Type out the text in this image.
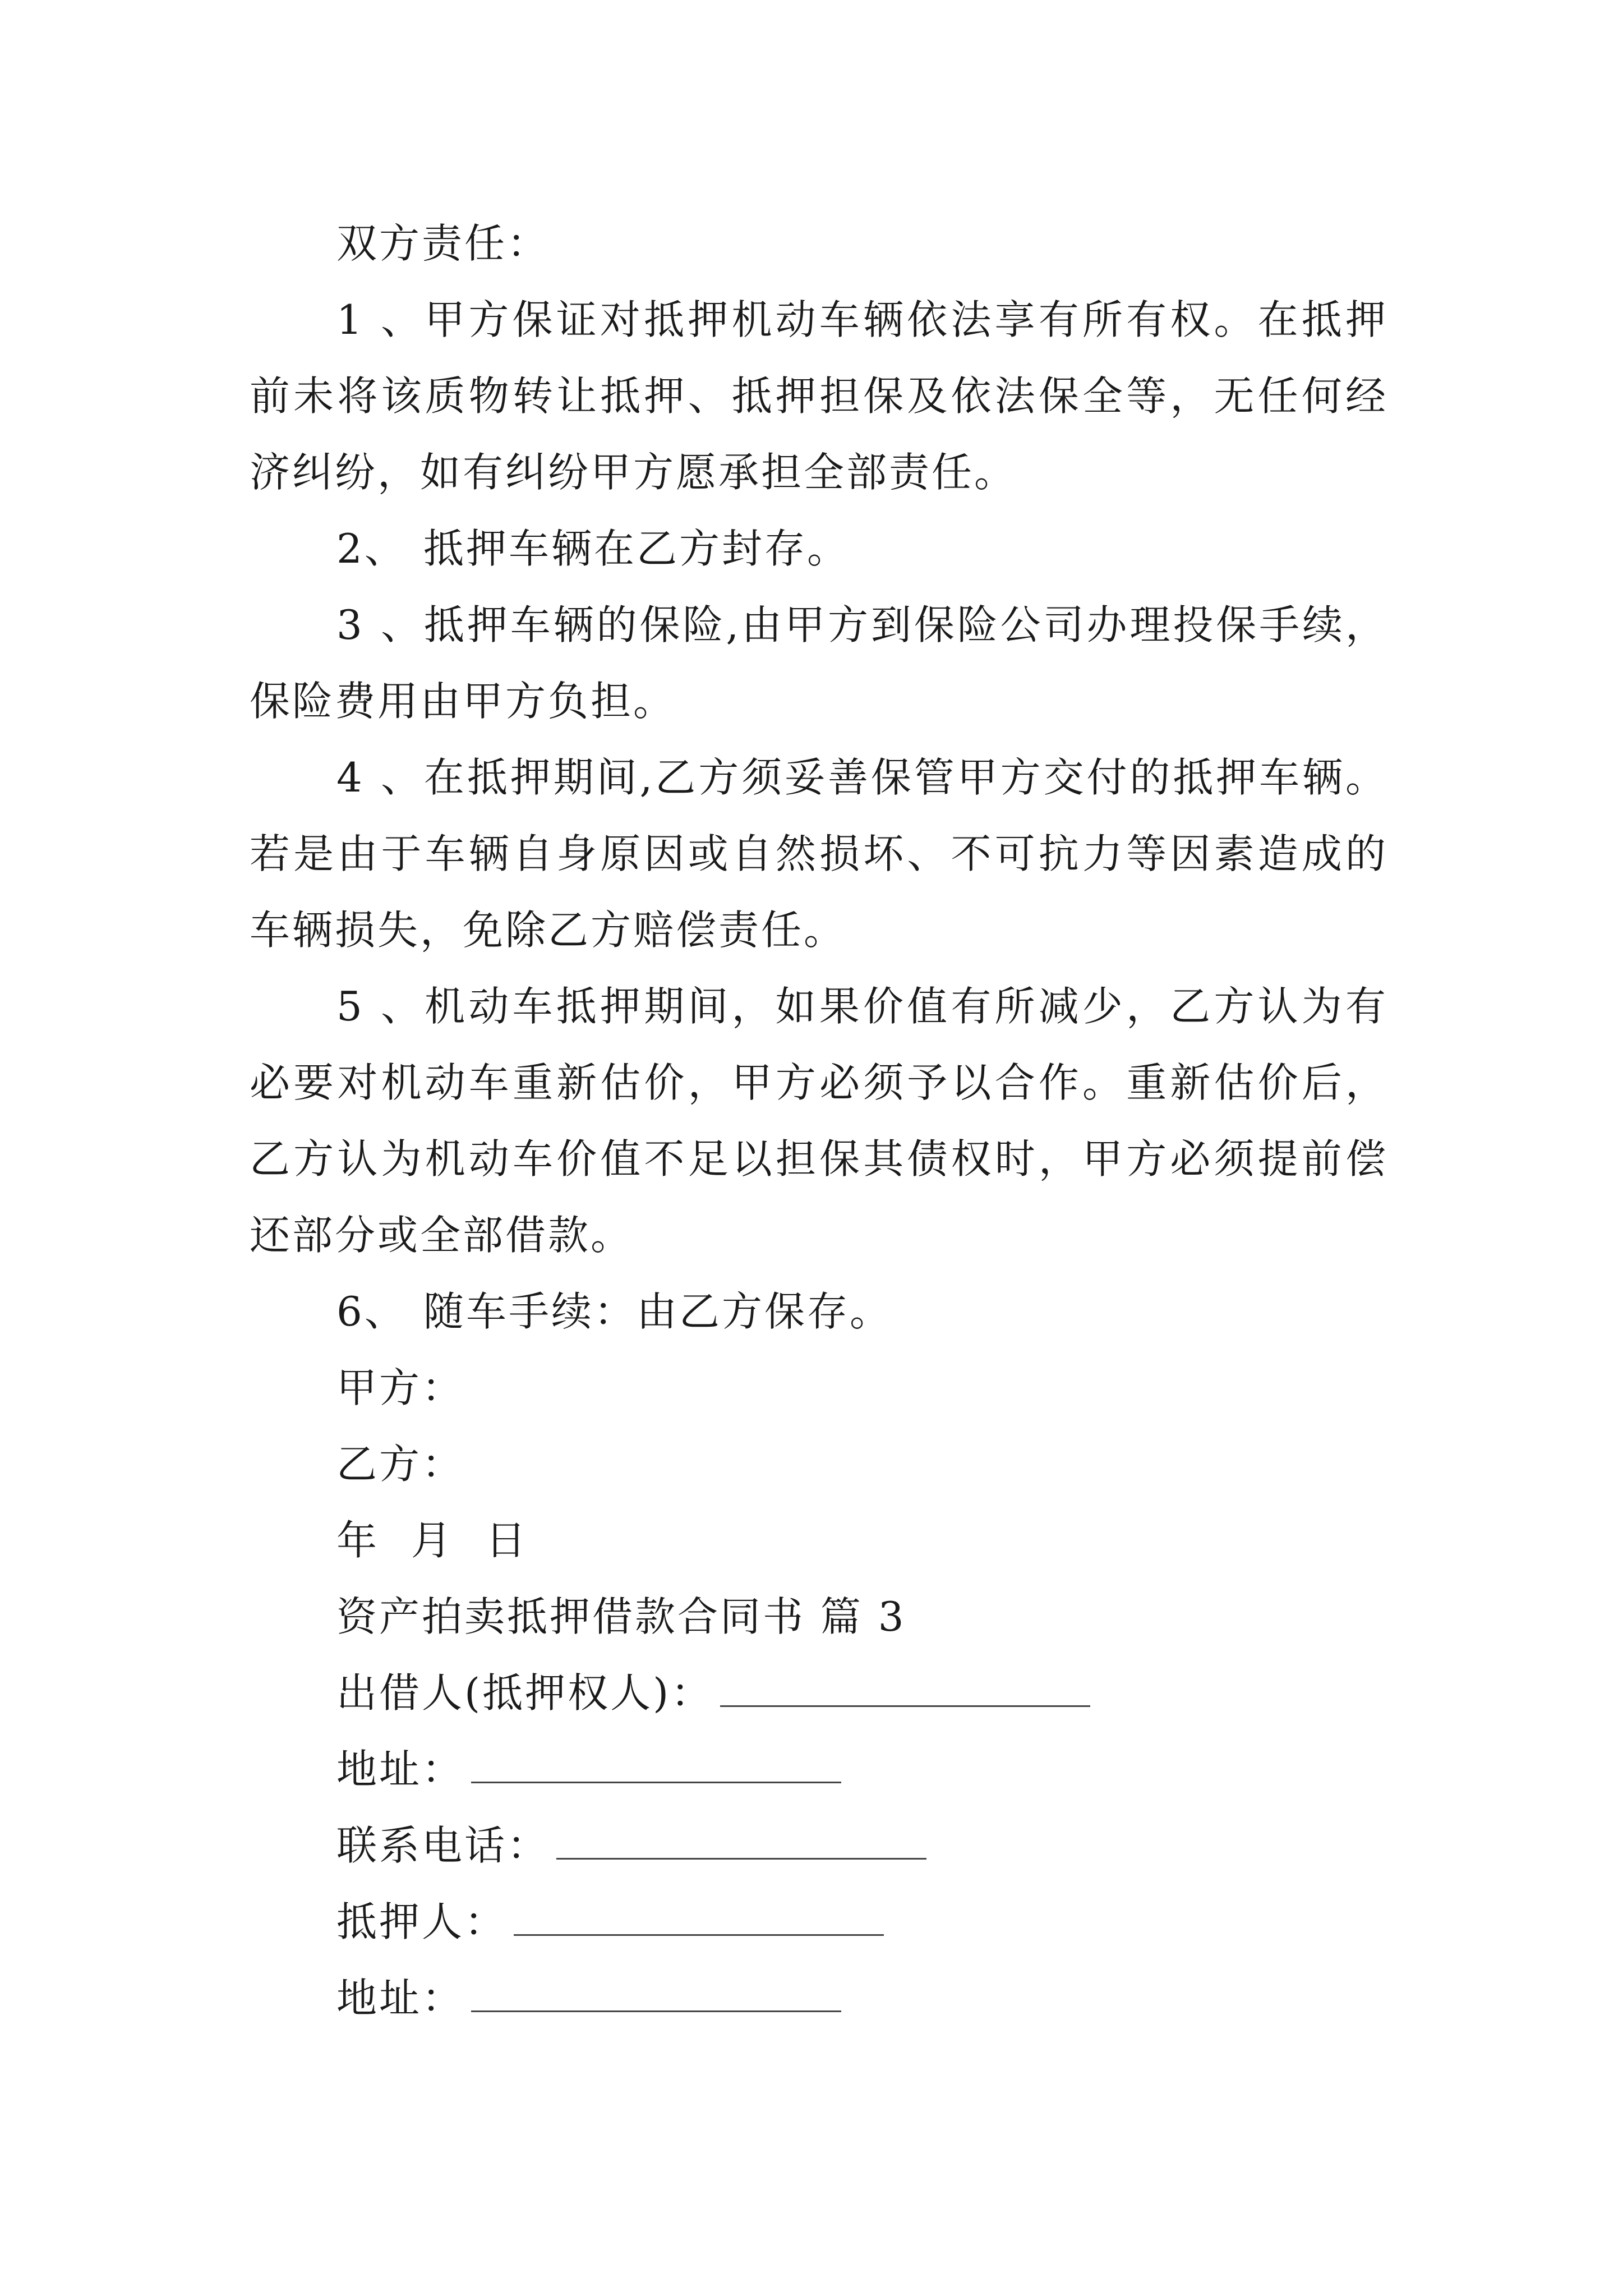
双方责任：
1、甲方保证对抵押机动车辆依法享有所有权。在抵押
前未将该质物转让抵押、抵押担保及依法保全等，无任何经
济纠纷，如有纠纷甲方愿承担全部责任。
2、 抵押车辆在乙方封存。
3、抵押车辆的保险,由甲方到保险公司办理投保手续，
保险费用由甲方负担。
4、在抵押期间,乙方须妥善保管甲方交付的抵押车辆。
若是由于车辆自身原因或自然损坏、不可抗力等因素造成的
车辆损失，免除乙方赔偿责任。
5、机动车抵押期间，如果价值有所减少，乙方认为有
必要对机动车重新估价，甲方必须予以合作。重新估价后，
乙方认为机动车价值不足以担保其债权时，甲方必须提前偿
还部分或全部借款。
6、 随车手续：由乙方保存。
甲方：
乙方：
年 月 日
资产拍卖抵押借款合同书 篇 3
出借人(抵押权人)：
地址：
联系电话：
抵押人：
地址：
